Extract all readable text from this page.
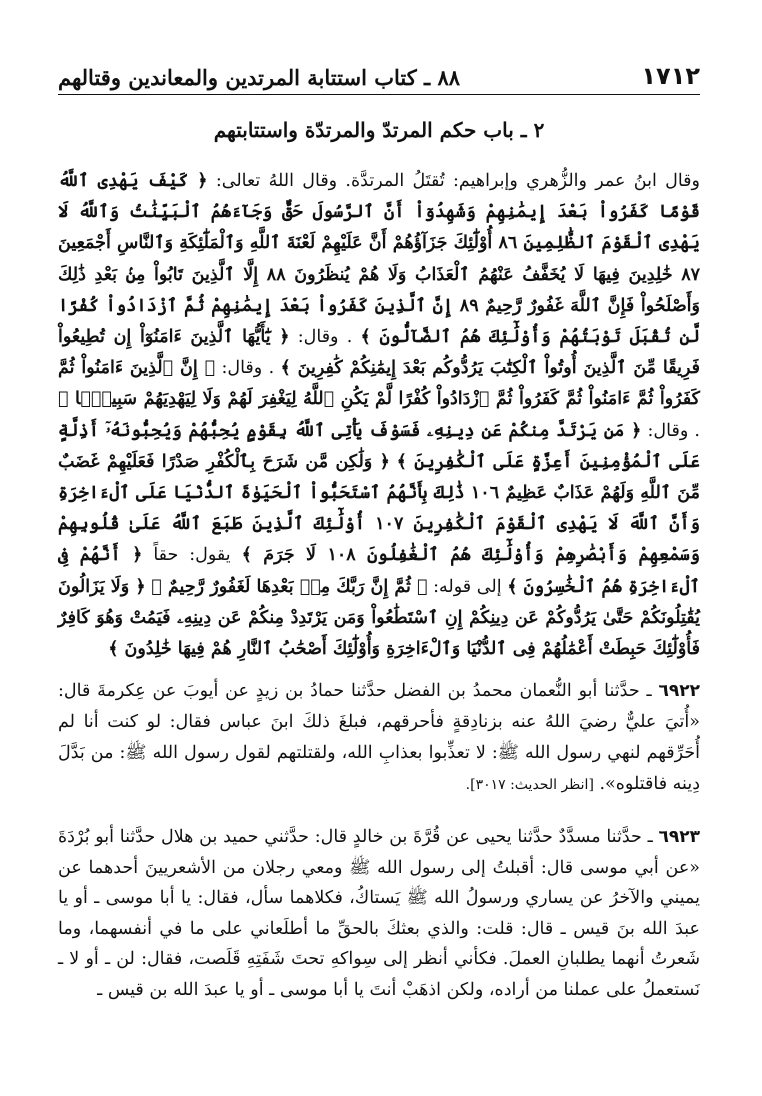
١٧١٢
٨٨ ـ كتاب استتابة المرتدين والمعاندين وقتالهم
٢ ـ باب حكم المرتدّ والمرتدّة واستتابتهم

وقال ابنُ عمر والزُّهري وإبراهيم: تُقتَلُ المرتدَّة. وقال اللهُ تعالى: ﴿ كَيْفَ يَهْدِى ٱللَّهُ قَوْمًا كَفَرُواْ بَعْدَ إِيمَٰنِهِمْ وَشَهِدُوٓاْ أَنَّ ٱلرَّسُولَ حَقٌّ وَجَآءَهُمُ ٱلْبَيِّنَٰتُ وَٱللَّهُ لَا يَهْدِى ٱلْقَوْمَ ٱلظَّٰلِمِينَ ٨٦ أُوْلَٰٓئِكَ جَزَآؤُهُمْ أَنَّ عَلَيْهِمْ لَعْنَةَ ٱللَّهِ وَٱلْمَلَٰٓئِكَةِ وَٱلنَّاسِ أَجْمَعِينَ ٨٧ خَٰلِدِينَ فِيهَا لَا يُخَفَّفُ عَنْهُمُ ٱلْعَذَابُ وَلَا هُمْ يُنظَرُونَ ٨٨ إِلَّا ٱلَّذِينَ تَابُواْ مِنۢ بَعْدِ ذَٰلِكَ وَأَصْلَحُواْ فَإِنَّ ٱللَّهَ غَفُورٌ رَّحِيمٌ ٨٩ إِنَّ ٱلَّذِينَ كَفَرُواْ بَعْدَ إِيمَٰنِهِمْ ثُمَّ ٱزْدَادُواْ كُفْرًا لَّن تُقْبَلَ تَوْبَتُهُمْ وَأُوْلَٰٓئِكَ هُمُ ٱلضَّآلُّونَ ﴾ . وقال: ﴿ يَٰٓأَيُّهَا ٱلَّذِينَ ءَامَنُوٓاْ إِن تُطِيعُواْ فَرِيقًا مِّنَ ٱلَّذِينَ أُوتُواْ ٱلْكِتَٰبَ يَرُدُّوكُم بَعْدَ إِيمَٰنِكُمْ كَٰفِرِينَ ﴾ . وقال: ﴿ إِنَّ ٱلَّذِينَ ءَامَنُواْ ثُمَّ كَفَرُواْ ثُمَّ ءَامَنُواْ ثُمَّ كَفَرُواْ ثُمَّ ٱزْدَادُواْ كُفْرًا لَّمْ يَكُنِ ٱللَّهُ لِيَغْفِرَ لَهُمْ وَلَا لِيَهْدِيَهُمْ سَبِيلًۢا ﴾ . وقال: ﴿ مَن يَرْتَدَّ مِنكُمْ عَن دِينِهِۦ فَسَوْفَ يَأْتِى ٱللَّهُ بِقَوْمٍ يُحِبُّهُمْ وَيُحِبُّونَهُۥٓ أَذِلَّةٍ عَلَى ٱلْمُؤْمِنِينَ أَعِزَّةٍ عَلَى ٱلْكَٰفِرِينَ ﴾ ﴿ وَلَٰكِن مَّن شَرَحَ بِٱلْكُفْرِ صَدْرًا فَعَلَيْهِمْ غَضَبٌ مِّنَ ٱللَّهِ وَلَهُمْ عَذَابٌ عَظِيمٌ ١٠٦ ذَٰلِكَ بِأَنَّهُمُ ٱسْتَحَبُّواْ ٱلْحَيَوٰةَ ٱلدُّنْيَا عَلَى ٱلْءَاخِرَةِ وَأَنَّ ٱللَّهَ لَا يَهْدِى ٱلْقَوْمَ ٱلْكَٰفِرِينَ ١٠٧ أُوْلَٰٓئِكَ ٱلَّذِينَ طَبَعَ ٱللَّهُ عَلَىٰ قُلُوبِهِمْ وَسَمْعِهِمْ وَأَبْصَٰرِهِمْ وَأُوْلَٰٓئِكَ هُمُ ٱلْغَٰفِلُونَ ١٠٨ لَا جَرَمَ ﴾ يقول: حقاً ﴿ أَنَّهُمْ فِى ٱلْءَاخِرَةِ هُمُ ٱلْخَٰسِرُونَ ﴾ إلى قوله: ﴿ ثُمَّ إِنَّ رَبَّكَ مِنۢ بَعْدِهَا لَغَفُورٌ رَّحِيمٌ ﴾ ﴿ وَلَا يَزَالُونَ يُقَٰتِلُونَكُمْ حَتَّىٰ يَرُدُّوكُمْ عَن دِينِكُمْ إِنِ ٱسْتَطَٰعُواْ وَمَن يَرْتَدِدْ مِنكُمْ عَن دِينِهِۦ فَيَمُتْ وَهُوَ كَافِرٌ فَأُوْلَٰٓئِكَ حَبِطَتْ أَعْمَٰلُهُمْ فِى ٱلدُّنْيَا وَٱلْءَاخِرَةِ وَأُوْلَٰٓئِكَ أَصْحَٰبُ ٱلنَّارِ هُمْ فِيهَا خَٰلِدُونَ ﴾

٦٩٢٢ ـ حدَّثنا أبو النُّعمان محمدُ بن الفضل حدَّثنا حمادُ بن زيدٍ عن أيوبَ عن عِكرمةَ قال: «أُتيَ عليٌّ رضيَ اللهُ عنه بزنادِقةٍ فأحرقهم، فبلغَ ذلكَ ابنَ عباس فقال: لو كنت أنا لم أُحَرِّقهم لنهي رسول الله ﷺ: لا تعذِّبوا بعذابِ الله، ولقتلتهم لقول رسول الله ﷺ: من بَدَّلَ دِينه فاقتلوه». [انظر الحديث: ٣٠١٧].

٦٩٢٣ ـ حدَّثنا مسدَّدٌ حدَّثنا يحيى عن قُرَّةَ بن خالدٍ قال: حدَّثني حميد بن هلال حدَّثنا أبو بُرْدَةَ «عن أبي موسى قال: أقبلتُ إلى رسول الله ﷺ ومعي رجلان من الأشعريينَ أحدهما عن يميني والآخرُ عن يساري ورسولُ الله ﷺ يَستاكُ، فكلاهما سأل، فقال: يا أبا موسى ـ أو يا عبدَ الله بنَ قيس ـ قال: قلت: والذي بعثكَ بالحقِّ ما أطلَعاني على ما في أنفسهما، وما شَعرتُ أنهما يطلبانِ العملَ. فكأني أنظر إلى سِواكهِ تحتَ شَفَتِهِ قَلَصت، فقال: لن ـ أو لا ـ نَستعملُ على عملنا من أراده، ولكن اذهَبْ أنتَ يا أبا موسى ـ أو يا عبدَ الله بن قيس ـ
